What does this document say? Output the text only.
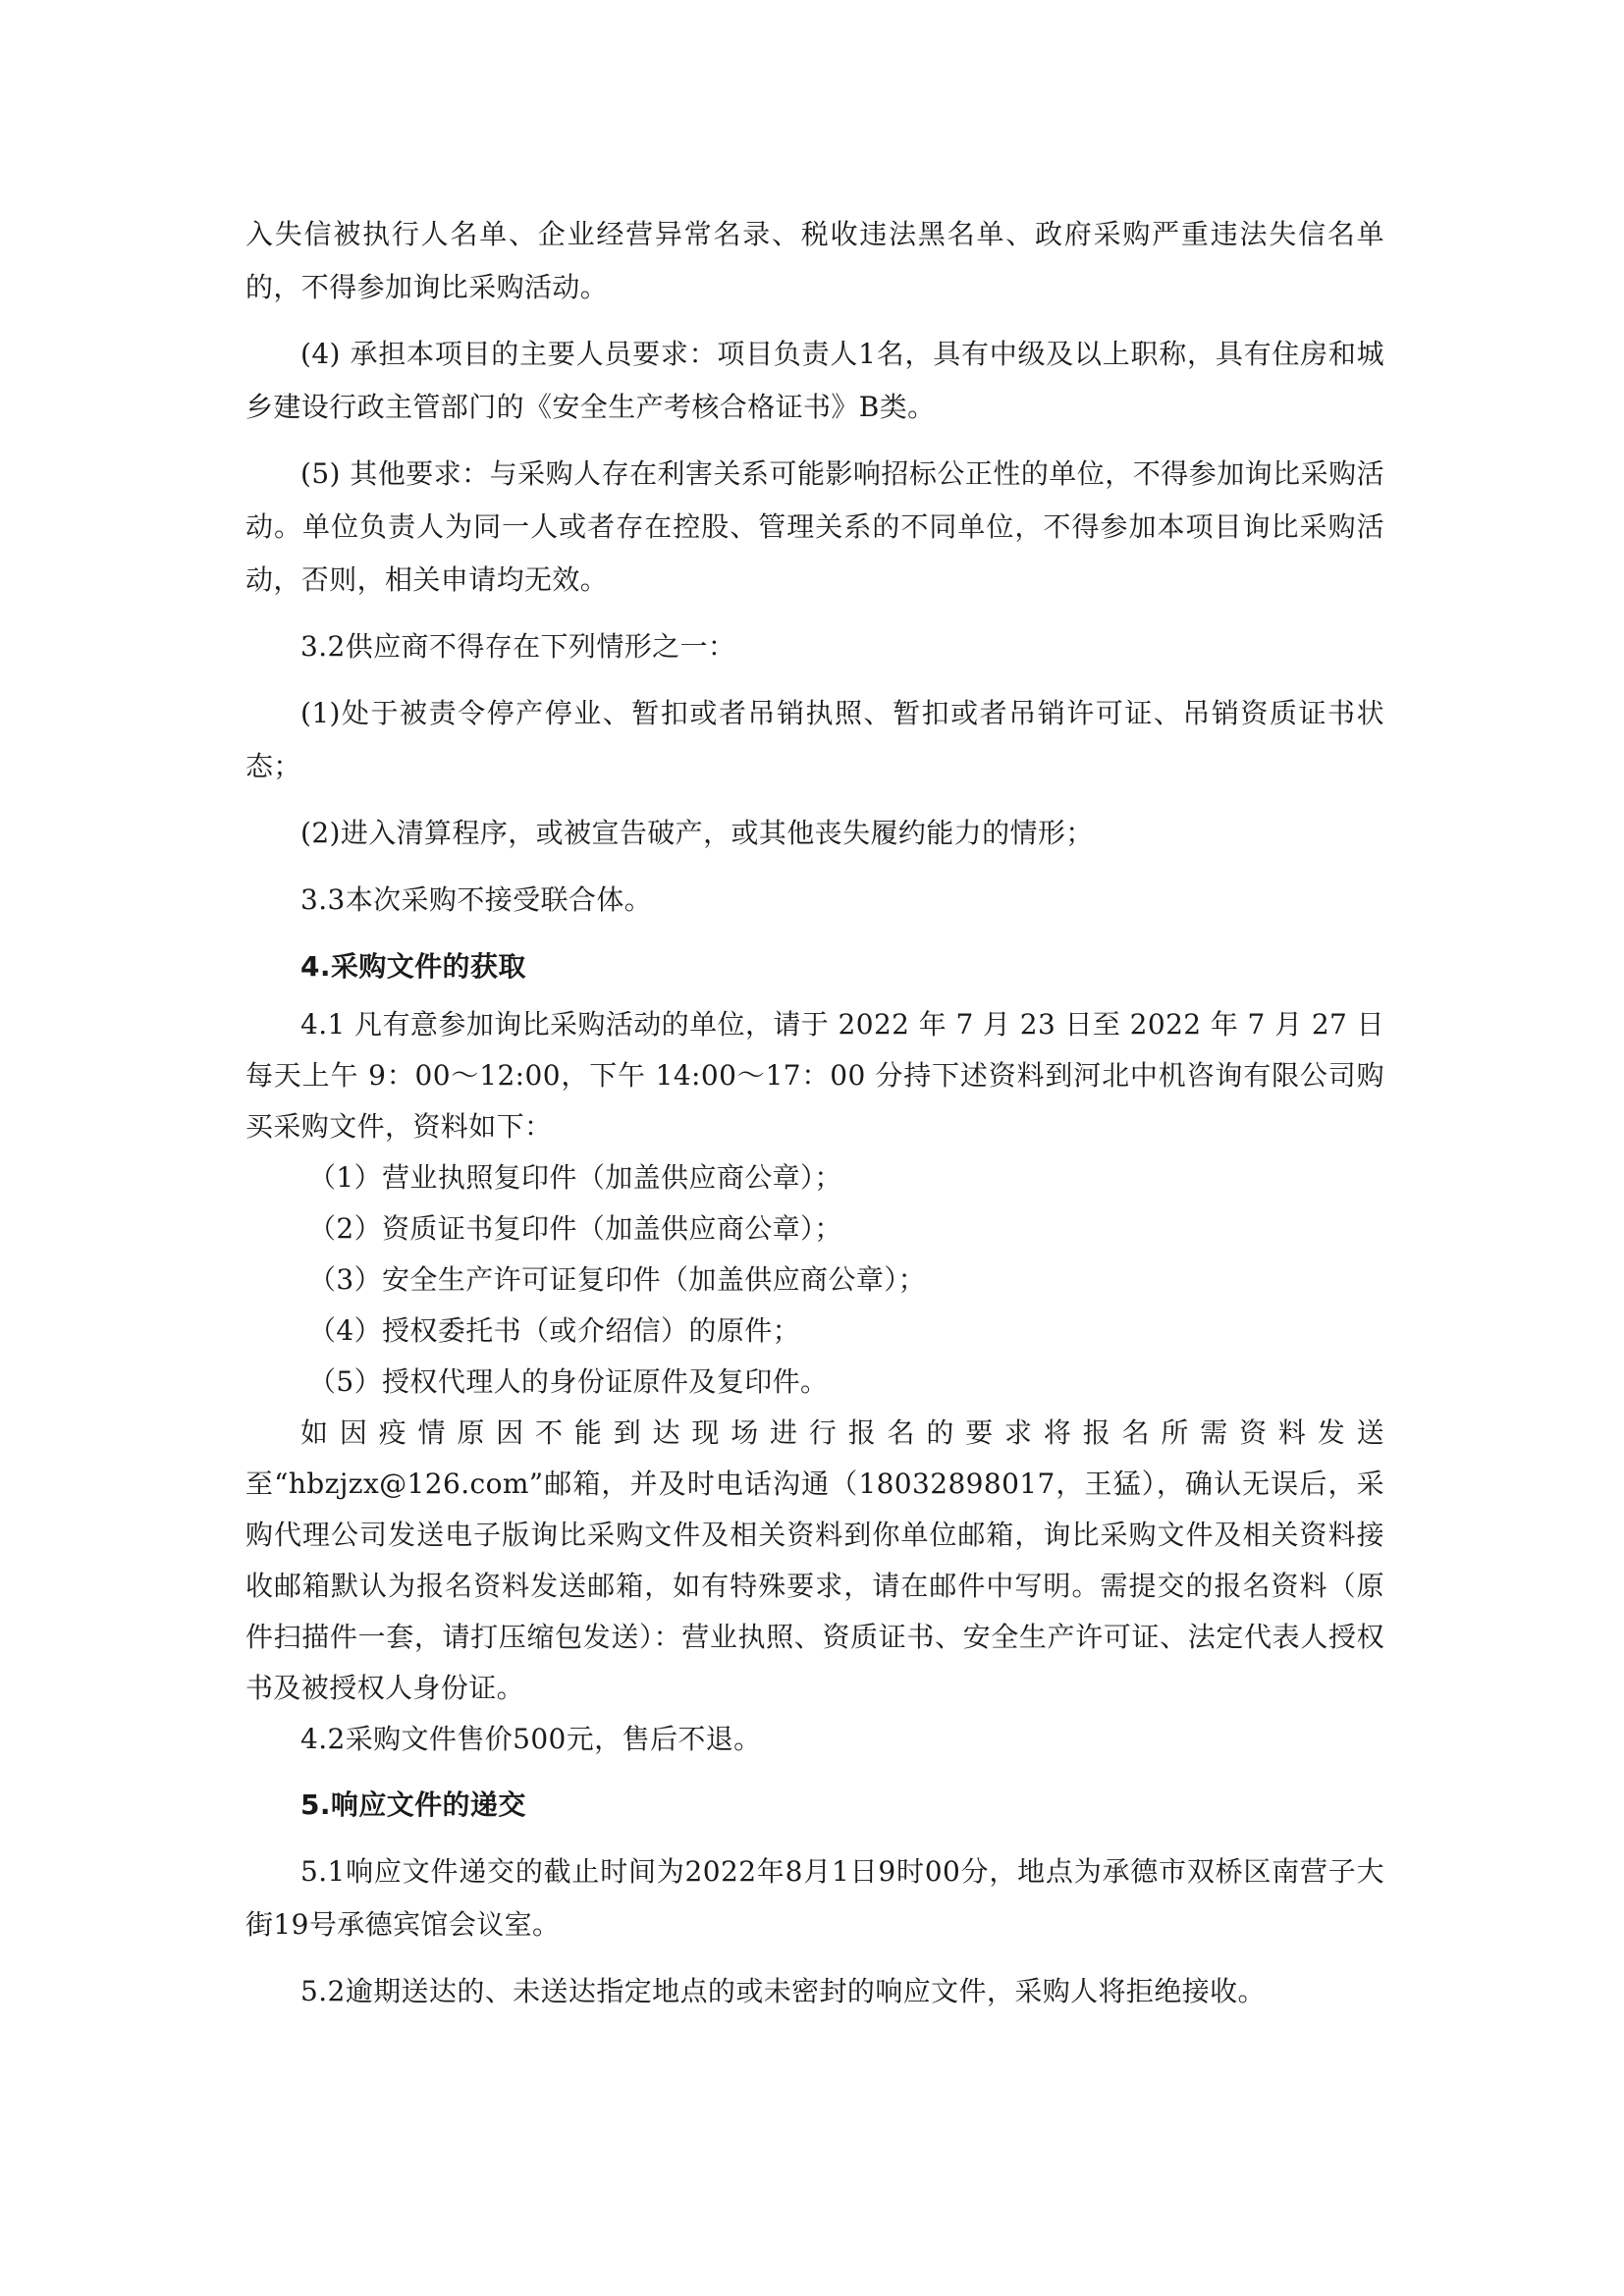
入失信被执行人名单、企业经营异常名录、税收违法黑名单、政府采购严重违法失信名单的，不得参加询比采购活动。

(4) 承担本项目的主要人员要求：项目负责人1名，具有中级及以上职称，具有住房和城乡建设行政主管部门的《安全生产考核合格证书》B类。

(5) 其他要求：与采购人存在利害关系可能影响招标公正性的单位，不得参加询比采购活动。单位负责人为同一人或者存在控股、管理关系的不同单位，不得参加本项目询比采购活动，否则，相关申请均无效。

3.2供应商不得存在下列情形之一：

(1)处于被责令停产停业、暂扣或者吊销执照、暂扣或者吊销许可证、吊销资质证书状态；

(2)进入清算程序，或被宣告破产，或其他丧失履约能力的情形；

3.3本次采购不接受联合体。

4.采购文件的获取

4.1 凡有意参加询比采购活动的单位，请于 2022 年 7 月 23 日至 2022 年 7 月 27 日每天上午 9：00～12:00，下午 14:00～17：00 分持下述资料到河北中机咨询有限公司购买采购文件，资料如下：

（1）营业执照复印件（加盖供应商公章）；

（2）资质证书复印件（加盖供应商公章）；

（3）安全生产许可证复印件（加盖供应商公章）；

（4）授权委托书（或介绍信）的原件；

（5）授权代理人的身份证原件及复印件。

如因疫情原因不能到达现场进行报名的要求将报名所需资料发送至“hbzjzx@126.com”邮箱，并及时电话沟通（18032898017，王猛），确认无误后，采购代理公司发送电子版询比采购文件及相关资料到你单位邮箱，询比采购文件及相关资料接收邮箱默认为报名资料发送邮箱，如有特殊要求，请在邮件中写明。需提交的报名资料（原件扫描件一套，请打压缩包发送）：营业执照、资质证书、安全生产许可证、法定代表人授权书及被授权人身份证。

4.2采购文件售价500元，售后不退。

5.响应文件的递交

5.1响应文件递交的截止时间为2022年8月1日9时00分，地点为承德市双桥区南营子大街19号承德宾馆会议室。

5.2逾期送达的、未送达指定地点的或未密封的响应文件，采购人将拒绝接收。
